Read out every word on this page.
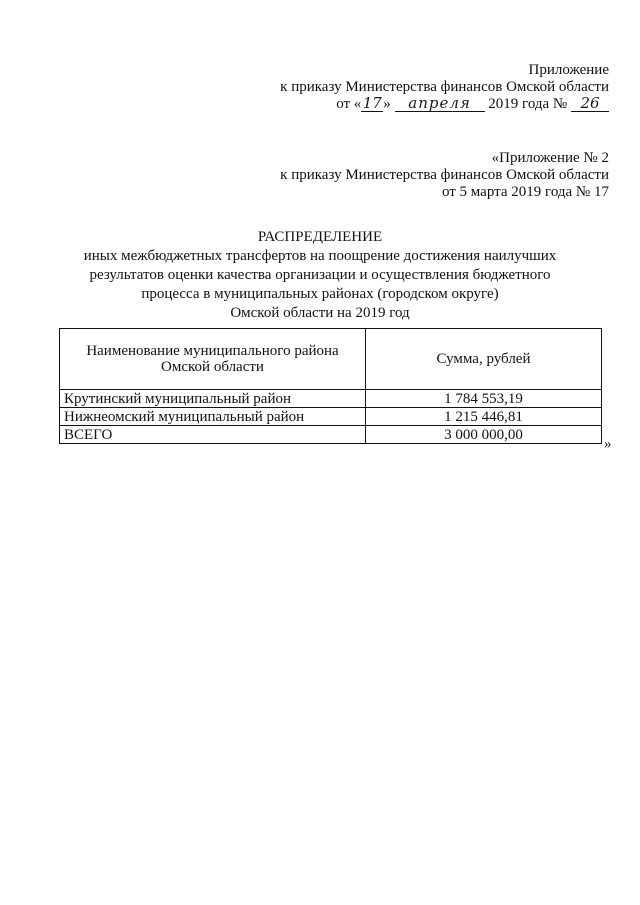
Приложение
к приказу Министерства финансов Омской области
от «17» апреля 2019 года № 26
«Приложение № 2
к приказу Министерства финансов Омской области
от 5 марта 2019 года № 17
РАСПРЕДЕЛЕНИЕ
иных межбюджетных трансфертов на поощрение достижения наилучших
результатов оценки качества организации и осуществления бюджетного
процесса в муниципальных районах (городском округе)
Омской области на 2019 год
Наименование муниципального района
Омской области	Сумма, рублей
Крутинский муниципальный район	1 784 553,19
Нижнеомский муниципальный район	1 215 446,81
ВСЕГО	3 000 000,00
»
